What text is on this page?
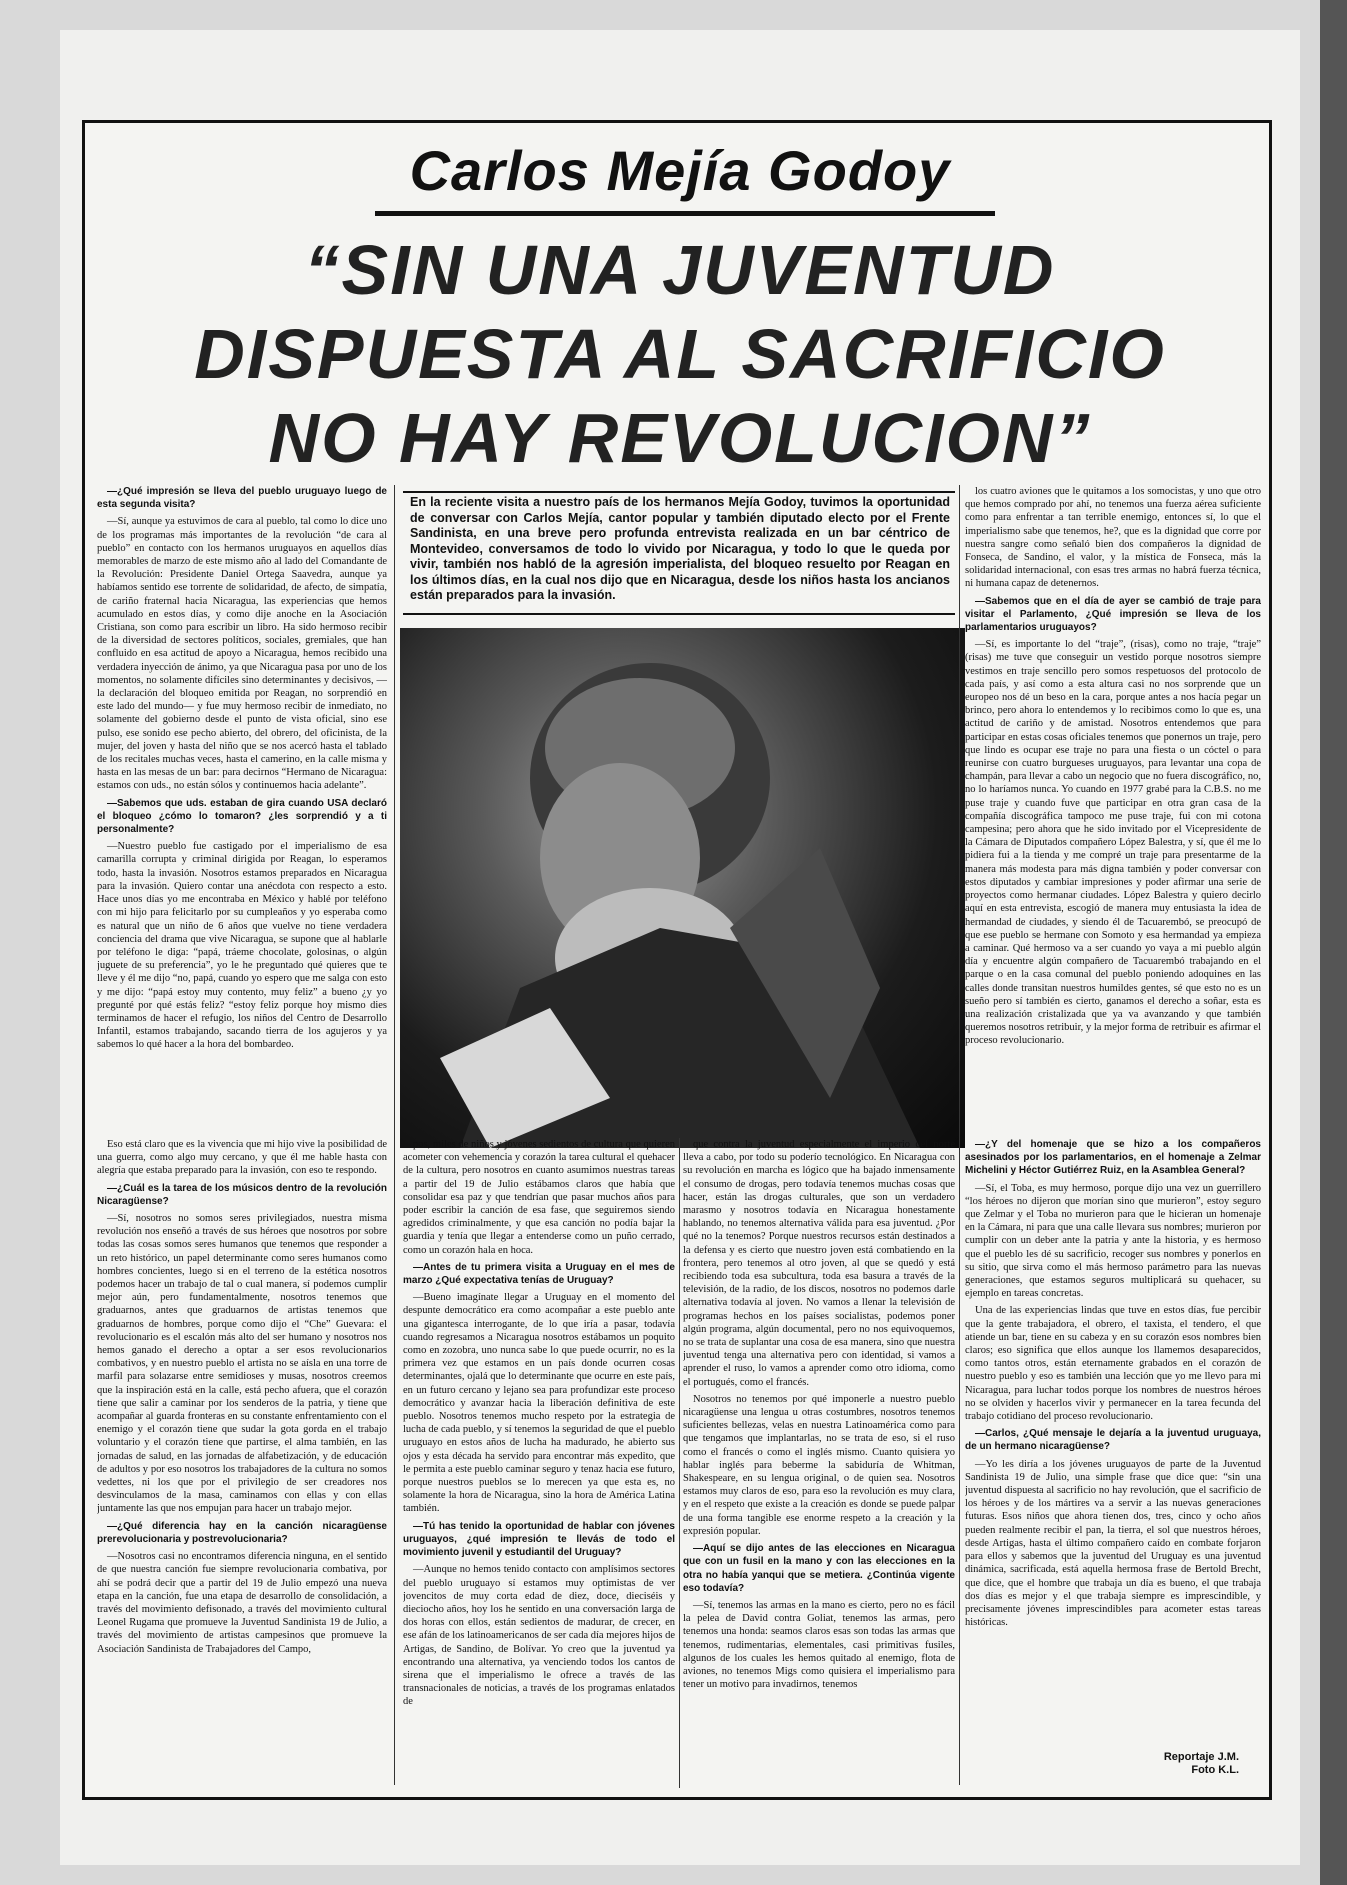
Carlos Mejía Godoy
“SIN UNA JUVENTUD
DISPUESTA AL SACRIFICIO
NO HAY REVOLUCION”

—¿Qué impresión se lleva del pueblo uruguayo luego de esta segunda visita?

—Sí, aunque ya estuvimos de cara al pueblo, tal como lo dice uno de los programas más importantes de la revolución “de cara al pueblo” en contacto con los hermanos uruguayos en aquellos días memorables de marzo de este mismo año al lado del Comandante de la Revolución: Presidente Daniel Ortega Saavedra, aunque ya habíamos sentido ese torrente de solidaridad, de afecto, de simpatía, de cariño fraternal hacia Nicaragua, las experiencias que hemos acumulado en estos días, y como dije anoche en la Asociación Cristiana, son como para escribir un libro. Ha sido hermoso recibir de la diversidad de sectores políticos, sociales, gremiales, que han confluido en esa actitud de apoyo a Nicaragua, hemos recibido una verdadera inyección de ánimo, ya que Nicaragua pasa por uno de los momentos, no solamente difíciles sino determinantes y decisivos, —la declaración del bloqueo emitida por Reagan, no sorprendió en este lado del mundo— y fue muy hermoso recibir de inmediato, no solamente del gobierno desde el punto de vista oficial, sino ese pulso, ese sonido ese pecho abierto, del obrero, del oficinista, de la mujer, del joven y hasta del niño que se nos acercó hasta el tablado de los recitales muchas veces, hasta el camerino, en la calle misma y hasta en las mesas de un bar: para decirnos “Hermano de Nicaragua: estamos con uds., no están sólos y continuemos hacia adelante”.

—Sabemos que uds. estaban de gira cuando USA declaró el bloqueo ¿cómo lo tomaron? ¿les sorprendió y a ti personalmente?

—Nuestro pueblo fue castigado por el imperialismo de esa camarilla corrupta y criminal dirigida por Reagan, lo esperamos todo, hasta la invasión. Nosotros estamos preparados en Nicaragua para la invasión. Quiero contar una anécdota con respecto a esto. Hace unos días yo me encontraba en México y hablé por teléfono con mi hijo para felicitarlo por su cumpleaños y yo esperaba como es natural que un niño de 6 años que vuelve no tiene verdadera conciencia del drama que vive Nicaragua, se supone que al hablarle por teléfono le diga: “papá, tráeme chocolate, golosinas, o algún juguete de su preferencia”, yo le he preguntado qué quieres que te lleve y él me dijo “no, papá, cuando yo espero que me salga con esto y me dijo: “papá estoy muy contento, muy feliz” a bueno ¿y yo pregunté por qué estás feliz? “estoy feliz porque hoy mismo dies terminamos de hacer el refugio, los niños del Centro de Desarrollo Infantil, estamos trabajando, sacando tierra de los agujeros y ya sabemos lo qué hacer a la hora del bombardeo.

Eso está claro que es la vivencia que mi hijo vive la posibilidad de una guerra, como algo muy cercano, y que él me hable hasta con alegría que estaba preparado para la invasión, con eso te respondo.

—¿Cuál es la tarea de los músicos dentro de la revolución Nicaragüense?

—Sí, nosotros no somos seres privilegiados, nuestra misma revolución nos enseñó a través de sus héroes que nosotros por sobre todas las cosas somos seres humanos que tenemos que responder a un reto histórico, un papel determinante como seres humanos como hombres concientes, luego si en el terreno de la estética nosotros podemos hacer un trabajo de tal o cual manera, sí podemos cumplir mejor aún, pero fundamentalmente, nosotros tenemos que graduarnos, antes que graduarnos de artistas tenemos que graduarnos de hombres, porque como dijo el “Che” Guevara: el revolucionario es el escalón más alto del ser humano y nosotros nos hemos ganado el derecho a optar a ser esos revolucionarios combativos, y en nuestro pueblo el artista no se aísla en una torre de marfil para solazarse entre semidioses y musas, nosotros creemos que la inspiración está en la calle, está pecho afuera, que el corazón tiene que salir a caminar por los senderos de la patria, y tiene que acompañar al guarda fronteras en su constante enfrentamiento con el enemigo y el corazón tiene que sudar la gota gorda en el trabajo voluntario y el corazón tiene que partirse, el alma también, en las jornadas de salud, en las jornadas de alfabetización, y de educación de adultos y por eso nosotros los trabajadores de la cultura no somos vedettes, ni los que por el privilegio de ser creadores nos desvinculamos de la masa, caminamos con ellas y con ellas juntamente las que nos empujan para hacer un trabajo mejor.

—¿Qué diferencia hay en la canción nicaragüense prerevolucionaria y postrevolucionaria?

—Nosotros casi no encontramos diferencia ninguna, en el sentido de que nuestra canción fue siempre revolucionaria combativa, por ahí se podrá decir que a partir del 19 de Julio empezó una nueva etapa en la canción, fue una etapa de desarrollo de consolidación, a través del movimiento defisonado, a través del movimiento cultural Leonel Rugama que promueve la Juventud Sandinista 19 de Julio, a través del movimiento de artistas campesinos que promueve la Asociación Sandinista de Trabajadores del Campo,

En la reciente visita a nuestro país de los hermanos Mejía Godoy, tuvimos la oportunidad de conversar con Carlos Mejía, cantor popular y también diputado electo por el Frente Sandinista, en una breve pero profunda entrevista realizada en un bar céntrico de Montevideo, conversamos de todo lo vivido por Nicaragua, y todo lo que le queda por vivir, también nos habló de la agresión imperialista, del bloqueo resuelto por Reagan en los últimos días, en la cual nos dijo que en Nicaragua, desde los niños hasta los ancianos están preparados para la invasión.

pos, miles de niños y jóvenes sedientos de cultura que quieren acometer con vehemencia y corazón la tarea cultural el quehacer de la cultura, pero nosotros en cuanto asumimos nuestras tareas a partir del 19 de Julio estábamos claros que había que consolidar esa paz y que tendrían que pasar muchos años para poder escribir la canción de esa fase, que seguiremos siendo agredidos criminalmente, y que esa canción no podía bajar la guardia y tenía que llegar a entenderse como un puño cerrado, como un corazón hala en hoca.

—Antes de tu primera visita a Uruguay en el mes de marzo ¿Qué expectativa tenías de Uruguay?

—Bueno imagínate llegar a Uruguay en el momento del despunte democrático era como acompañar a este pueblo ante una gigantesca interrogante, de lo que iría a pasar, todavía cuando regresamos a Nicaragua nosotros estábamos un poquito como en zozobra, uno nunca sabe lo que puede ocurrir, no es la primera vez que estamos en un país donde ocurren cosas determinantes, ojalá que lo determinante que ocurre en este país, en un futuro cercano y lejano sea para profundizar este proceso democrático y avanzar hacia la liberación definitiva de este pueblo. Nosotros tenemos mucho respeto por la estrategia de lucha de cada pueblo, y sí tenemos la seguridad de que el pueblo uruguayo en estos años de lucha ha madurado, he abierto sus ojos y esta década ha servido para encontrar más expedito, que le permita a este pueblo caminar seguro y tenaz hacia ese futuro, porque nuestros pueblos se lo merecen ya que esta es, no solamente la hora de Nicaragua, sino la hora de América Latina también.

—Tú has tenido la oportunidad de hablar con jóvenes uruguayos, ¿qué impresión te llevás de todo el movimiento juvenil y estudiantil del Uruguay?

—Aunque no hemos tenido contacto con amplísimos sectores del pueblo uruguayo sí estamos muy optimistas de ver jovencitos de muy corta edad de diez, doce, dieciséis y dieciocho años, hoy los he sentido en una conversación larga de dos horas con ellos, están sedientos de madurar, de crecer, en ese afán de los latinoamericanos de ser cada día mejores hijos de Artigas, de Sandino, de Bolívar. Yo creo que la juventud ya encontrando una alternativa, ya venciendo todos los cantos de sirena que el imperialismo le ofrece a través de las transnacionales de noticias, a través de los programas enlatados de

que contra la juventud especialmente el imperio del norte lleva a cabo, por todo su poderío tecnológico. En Nicaragua con su revolución en marcha es lógico que ha bajado inmensamente el consumo de drogas, pero todavía tenemos muchas cosas que hacer, están las drogas culturales, que son un verdadero marasmo y nosotros todavía en Nicaragua honestamente hablando, no tenemos alternativa válida para esa juventud. ¿Por qué no la tenemos? Porque nuestros recursos están destinados a la defensa y es cierto que nuestro joven está combatiendo en la frontera, pero tenemos al otro joven, al que se quedó y está recibiendo toda esa subcultura, toda esa basura a través de la televisión, de la radio, de los discos, nosotros no podemos darle alternativa todavía al joven. No vamos a llenar la televisión de programas hechos en los países socialistas, podemos poner algún programa, algún documental, pero no nos equivoquemos, no se trata de suplantar una cosa de esa manera, sino que nuestra juventud tenga una alternativa pero con identidad, si vamos a aprender el ruso, lo vamos a aprender como otro idioma, como el portugués, como el francés.

Nosotros no tenemos por qué imponerle a nuestro pueblo nicaragüense una lengua u otras costumbres, nosotros tenemos suficientes bellezas, velas en nuestra Latinoamérica como para que tengamos que implantarlas, no se trata de eso, si el ruso como el francés o como el inglés mismo. Cuanto quisiera yo hablar inglés para beberme la sabiduría de Whitman, Shakespeare, en su lengua original, o de quien sea. Nosotros estamos muy claros de eso, para eso la revolución es muy clara, y en el respeto que existe a la creación es donde se puede palpar de una forma tangible ese enorme respeto a la creación y la expresión popular.

—Aquí se dijo antes de las elecciones en Nicaragua que con un fusil en la mano y con las elecciones en la otra no había yanqui que se metiera. ¿Continúa vigente eso todavía?

—Sí, tenemos las armas en la mano es cierto, pero no es fácil la pelea de David contra Goliat, tenemos las armas, pero tenemos una honda: seamos claros esas son todas las armas que tenemos, rudimentarias, elementales, casi primitivas fusiles, algunos de los cuales les hemos quitado al enemigo, flota de aviones, no tenemos Migs como quisiera el imperialismo para tener un motivo para invadirnos, tenemos

los cuatro aviones que le quitamos a los somocistas, y uno que otro que hemos comprado por ahí, no tenemos una fuerza aérea suficiente como para enfrentar a tan terrible enemigo, entonces sí, lo que el imperialismo sabe que tenemos, he?, que es la dignidad que corre por nuestra sangre como señaló bien dos compañeros la dignidad de Fonseca, de Sandino, el valor, y la mística de Fonseca, más la solidaridad internacional, con esas tres armas no habrá fuerza técnica, ni humana capaz de detenernos.

—Sabemos que en el día de ayer se cambió de traje para visitar el Parlamento, ¿Qué impresión se lleva de los parlamentarios uruguayos?

—Sí, es importante lo del “traje”, (risas), como no traje, “traje” (risas) me tuve que conseguir un vestido porque nosotros siempre vestimos en traje sencillo pero somos respetuosos del protocolo de cada país, y así como a esta altura casi no nos sorprende que un europeo nos dé un beso en la cara, porque antes a nos hacía pegar un brinco, pero ahora lo entendemos y lo recibimos como lo que es, una actitud de cariño y de amistad. Nosotros entendemos que para participar en estas cosas oficiales tenemos que ponernos un traje, pero que lindo es ocupar ese traje no para una fiesta o un cóctel o para reunirse con cuatro burgueses uruguayos, para levantar una copa de champán, para llevar a cabo un negocio que no fuera discográfico, no, no lo haríamos nunca. Yo cuando en 1977 grabé para la C.B.S. no me puse traje y cuando fuve que participar en otra gran casa de la compañía discográfica tampoco me puse traje, fui con mi cotona campesina; pero ahora que he sido invitado por el Vicepresidente de la Cámara de Diputados compañero López Balestra, y sí, que él me lo pidiera fui a la tienda y me compré un traje para presentarme de la manera más modesta para más digna también y poder conversar con estos diputados y cambiar impresiones y poder afirmar una serie de proyectos como hermanar ciudades. López Balestra y quiero decirlo aquí en esta entrevista, escogió de manera muy entusiasta la idea de hermandad de ciudades, y siendo él de Tacuarembó, se preocupó de que ese pueblo se hermane con Somoto y esa hermandad ya empieza a caminar. Qué hermoso va a ser cuando yo vaya a mi pueblo algún día y encuentre algún compañero de Tacuarembó trabajando en el parque o en la casa comunal del pueblo poniendo adoquines en las calles donde transitan nuestros humildes gentes, sé que esto no es un sueño pero sí también es cierto, ganamos el derecho a soñar, esta es una realización cristalizada que ya va avanzando y que también queremos nosotros retribuir, y la mejor forma de retribuir es afirmar el proceso revolucionario.

—¿Y del homenaje que se hizo a los compañeros asesinados por los parlamentarios, en el homenaje a Zelmar Michelini y Héctor Gutiérrez Ruiz, en la Asamblea General?

—Sí, el Toba, es muy hermoso, porque dijo una vez un guerrillero “los héroes no dijeron que morían sino que murieron”, estoy seguro que Zelmar y el Toba no murieron para que le hicieran un homenaje en la Cámara, ni para que una calle llevara sus nombres; murieron por cumplir con un deber ante la patria y ante la historia, y es hermoso que el pueblo les dé su sacrificio, recoger sus nombres y ponerlos en su sitio, que sirva como el más hermoso parámetro para las nuevas generaciones, que estamos seguros multiplicará su quehacer, su ejemplo en tareas concretas.

Una de las experiencias lindas que tuve en estos días, fue percibir que la gente trabajadora, el obrero, el taxista, el tendero, el que atiende un bar, tiene en su cabeza y en su corazón esos nombres bien claros; eso significa que ellos aunque los llamemos desaparecidos, como tantos otros, están eternamente grabados en el corazón de nuestro pueblo y eso es también una lección que yo me llevo para mi Nicaragua, para luchar todos porque los nombres de nuestros héroes no se olviden y hacerlos vivir y permanecer en la tarea fecunda del trabajo cotidiano del proceso revolucionario.

—Carlos, ¿Qué mensaje le dejaría a la juventud uruguaya, de un hermano nicaragüense?

—Yo les diría a los jóvenes uruguayos de parte de la Juventud Sandinista 19 de Julio, una simple frase que dice que: “sin una juventud dispuesta al sacrificio no hay revolución, que el sacrificio de los héroes y de los mártires va a servir a las nuevas generaciones futuras. Esos niños que ahora tienen dos, tres, cinco y ocho años pueden realmente recibir el pan, la tierra, el sol que nuestros héroes, desde Artigas, hasta el último compañero caído en combate forjaron para ellos y sabemos que la juventud del Uruguay es una juventud dinámica, sacrificada, está aquella hermosa frase de Bertold Brecht, que dice, que el hombre que trabaja un día es bueno, el que trabaja dos días es mejor y el que trabaja siempre es imprescindible, y precisamente jóvenes imprescindibles para acometer estas tareas históricas.

Reportaje J.M.
Foto K.L.
